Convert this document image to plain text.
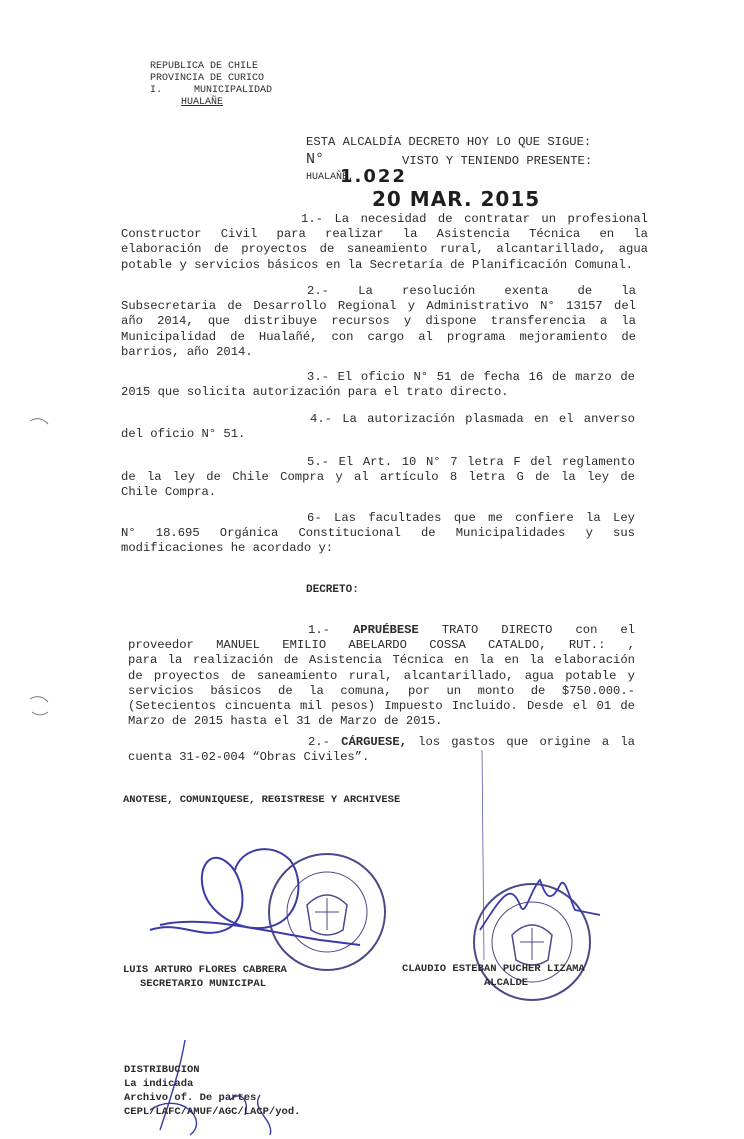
REPUBLICA DE CHILE
PROVINCIA DE CURICO
I.	MUNICIPALIDAD
HUALAÑE
ESTA ALCALDÍA DECRETO HOY LO QUE SIGUE:
N°	VISTO Y TENIENDO PRESENTE:
HUALAÑE,
1.022
20 MAR. 2015
1.- La necesidad de contratar un profesional
Constructor Civil para realizar la Asistencia Técnica en la
elaboración de proyectos de saneamiento rural, alcantarillado, agua
potable y servicios básicos en la Secretaría de Planificación Comunal.
2.- La resolución exenta de la
Subsecretaria de Desarrollo Regional y Administrativo N° 13157 del
año 2014, que distribuye recursos y dispone transferencia a la
Municipalidad de Hualañé, con cargo al programa mejoramiento de
barrios, año 2014.
3.- El oficio N° 51 de fecha 16 de marzo de
2015 que solicita autorización para el trato directo.
4.- La autorización plasmada en el anverso
del oficio N° 51.
5.- El Art. 10 N° 7 letra F del reglamento
de la ley de Chile Compra y al artículo 8 letra G de la ley de
Chile Compra.
6- Las facultades que me confiere la Ley
N° 18.695 Orgánica Constitucional de Municipalidades y sus
modificaciones he acordado y:
DECRETO:
1.- APRUÉBESE TRATO DIRECTO con el
proveedor MANUEL EMILIO ABELARDO COSSA CATALDO, RUT.: ,
para la realización de Asistencia Técnica en la en la elaboración
de proyectos de saneamiento rural, alcantarillado, agua potable y
servicios básicos de la comuna, por un monto de $750.000.-
(Setecientos cincuenta mil pesos) Impuesto Incluido. Desde el 01 de
Marzo de 2015 hasta el 31 de Marzo de 2015.
2.- CÁRGUESE, los gastos que origine a la
cuenta 31-02-004 “Obras Civiles”.
ANOTESE, COMUNIQUESE, REGISTRESE Y ARCHIVESE
LUIS ARTURO FLORES CABRERA
SECRETARIO MUNICIPAL
CLAUDIO ESTEBAN PUCHER LIZAMA
ALCALDE
DISTRIBUCION
La indicada
Archivo of. De partes
CEPL/LAFC/AMUF/AGC/LACP/yod.
